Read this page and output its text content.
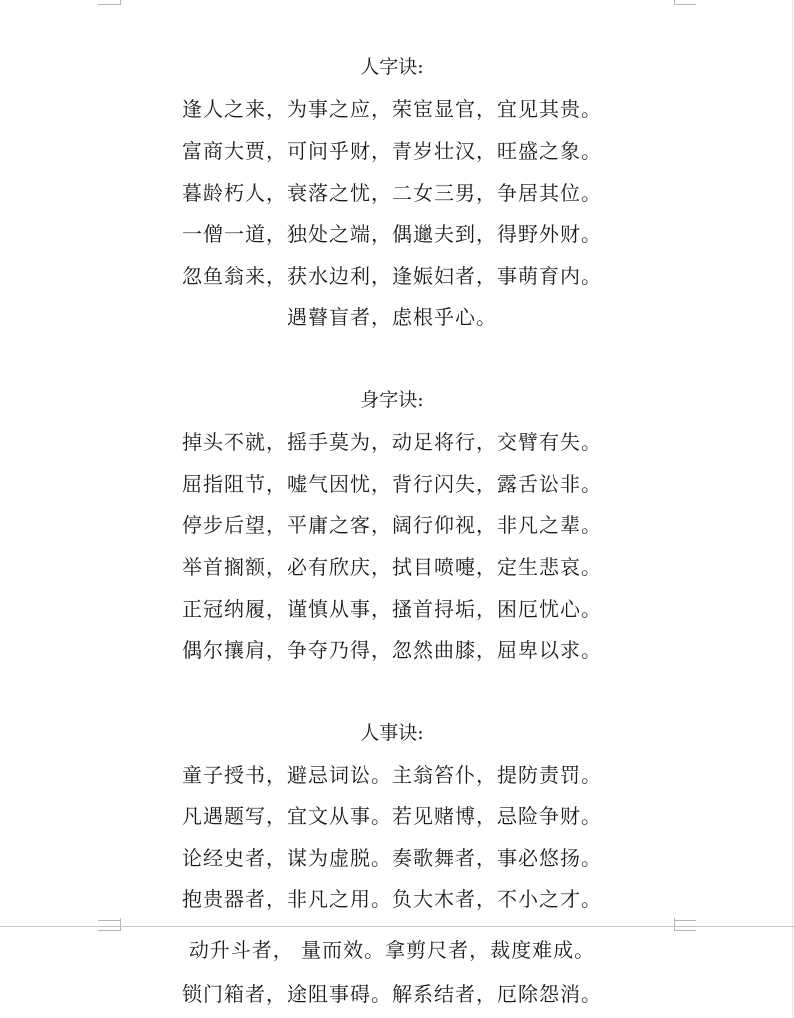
人字诀:
逢人之来，为事之应，荣宦显官，宜见其贵。
富商大贾，可问乎财，青岁壮汉，旺盛之象。
暮龄朽人，衰落之忧，二女三男，争居其位。
一僧一道，独处之端，偶邋夫到，得野外财。
忽鱼翁来，获水边利，逢娠妇者，事萌育内。
遇瞽盲者，虑根乎心。
身字诀:
掉头不就，摇手莫为，动足将行，交臂有失。
屈指阻节，嘘气因忧，背行闪失，露舌讼非。
停步后望，平庸之客，阔行仰视，非凡之辈。
举首搁额，必有欣庆，拭目喷嚏，定生悲哀。
正冠纳履，谨慎从事，搔首挦垢，困厄忧心。
偶尔攘肩，争夺乃得，忽然曲膝，屈卑以求。
人事诀:
童子授书，避忌词讼。主翁笞仆，提防责罚。
凡遇题写，宜文从事。若见赌博，忌险争财。
论经史者，谋为虚脱。奏歌舞者，事必悠扬。
抱贵器者，非凡之用。负大木者，不小之才。
动升斗者， 量而效。拿剪尺者，裁度难成。
锁门箱者，途阻事碍。解系结者，厄除怨消。
